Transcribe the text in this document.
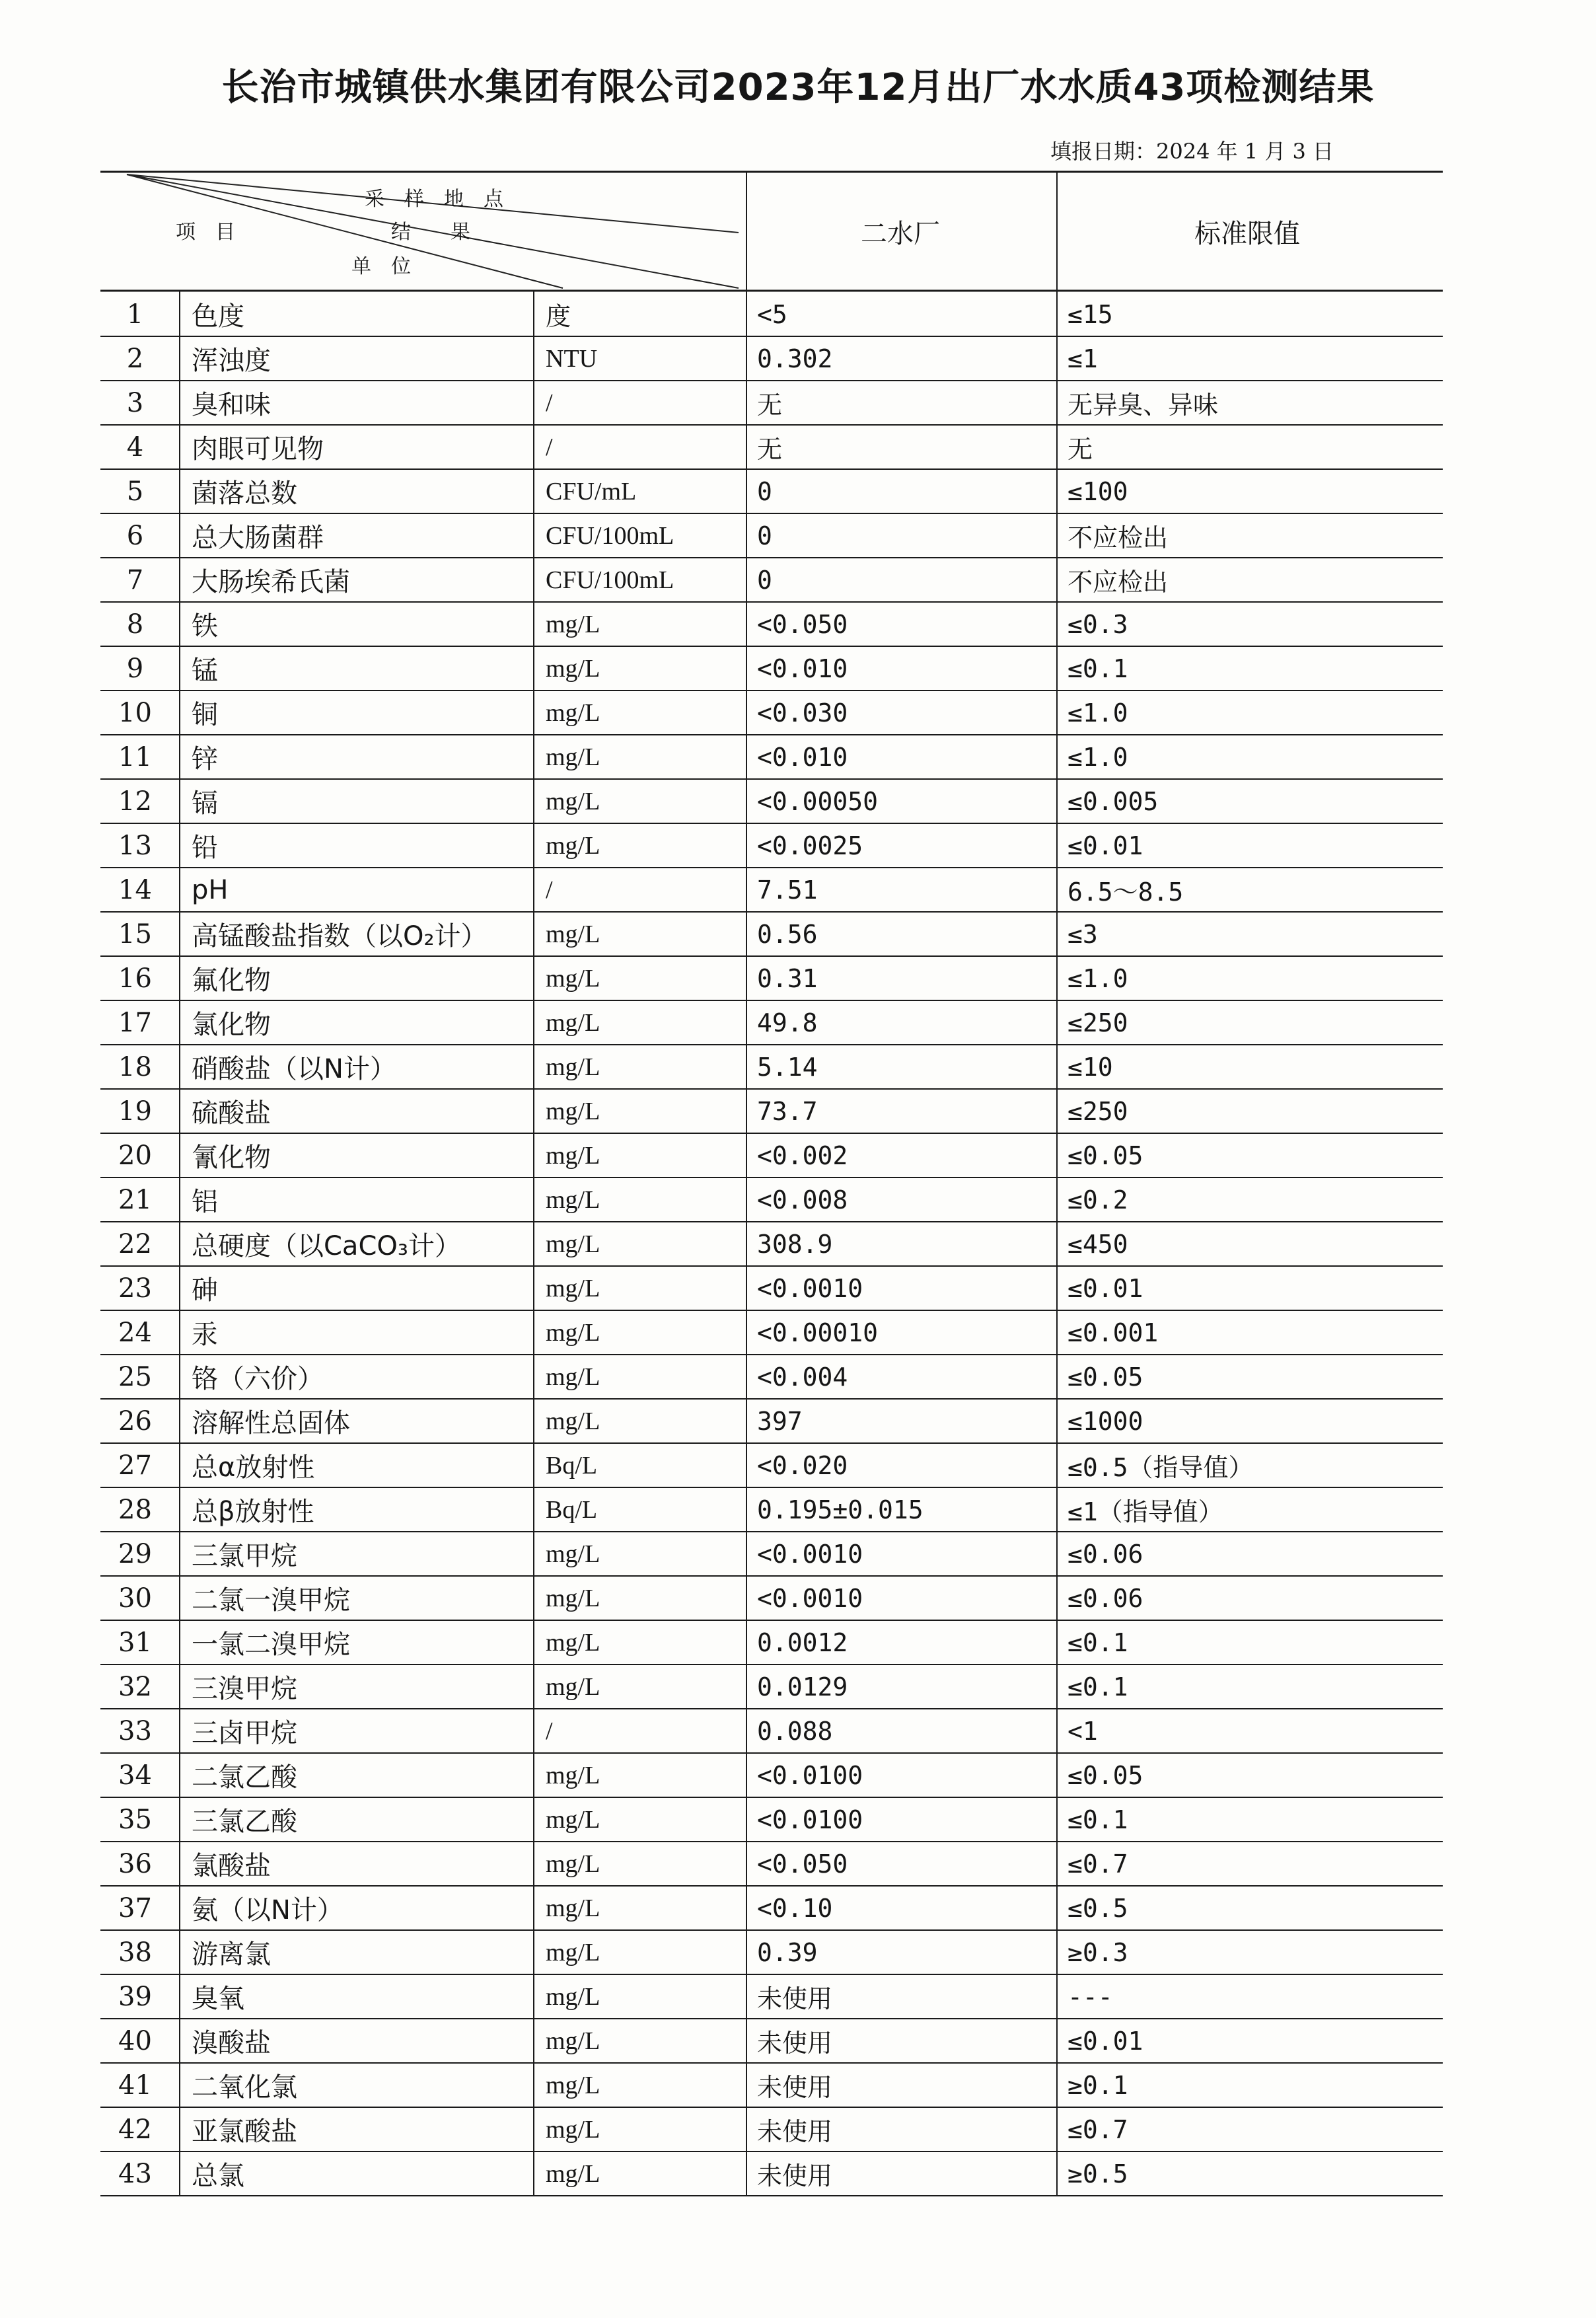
长治市城镇供水集团有限公司2023年12月出厂水水质43项检测结果
填报日期：2024 年 1 月 3 日
采　样　地　点
结　　果
单　位
项　目	二水厂	标准限值
1	色度	度	<5	≤15
2	浑浊度	NTU	0.302	≤1
3	臭和味	/	无	无异臭、异味
4	肉眼可见物	/	无	无
5	菌落总数	CFU/mL	0	≤100
6	总大肠菌群	CFU/100mL	0	不应检出
7	大肠埃希氏菌	CFU/100mL	0	不应检出
8	铁	mg/L	<0.050	≤0.3
9	锰	mg/L	<0.010	≤0.1
10	铜	mg/L	<0.030	≤1.0
11	锌	mg/L	<0.010	≤1.0
12	镉	mg/L	<0.00050	≤0.005
13	铅	mg/L	<0.0025	≤0.01
14	pH	/	7.51	6.5～8.5
15	高锰酸盐指数（以O₂计）	mg/L	0.56	≤3
16	氟化物	mg/L	0.31	≤1.0
17	氯化物	mg/L	49.8	≤250
18	硝酸盐（以N计）	mg/L	5.14	≤10
19	硫酸盐	mg/L	73.7	≤250
20	氰化物	mg/L	<0.002	≤0.05
21	铝	mg/L	<0.008	≤0.2
22	总硬度（以CaCO₃计）	mg/L	308.9	≤450
23	砷	mg/L	<0.0010	≤0.01
24	汞	mg/L	<0.00010	≤0.001
25	铬（六价）	mg/L	<0.004	≤0.05
26	溶解性总固体	mg/L	397	≤1000
27	总α放射性	Bq/L	<0.020	≤0.5（指导值）
28	总β放射性	Bq/L	0.195±0.015	≤1（指导值）
29	三氯甲烷	mg/L	<0.0010	≤0.06
30	二氯一溴甲烷	mg/L	<0.0010	≤0.06
31	一氯二溴甲烷	mg/L	0.0012	≤0.1
32	三溴甲烷	mg/L	0.0129	≤0.1
33	三卤甲烷	/	0.088	<1
34	二氯乙酸	mg/L	<0.0100	≤0.05
35	三氯乙酸	mg/L	<0.0100	≤0.1
36	氯酸盐	mg/L	<0.050	≤0.7
37	氨（以N计）	mg/L	<0.10	≤0.5
38	游离氯	mg/L	0.39	≥0.3
39	臭氧	mg/L	未使用	---
40	溴酸盐	mg/L	未使用	≤0.01
41	二氧化氯	mg/L	未使用	≥0.1
42	亚氯酸盐	mg/L	未使用	≤0.7
43	总氯	mg/L	未使用	≥0.5
